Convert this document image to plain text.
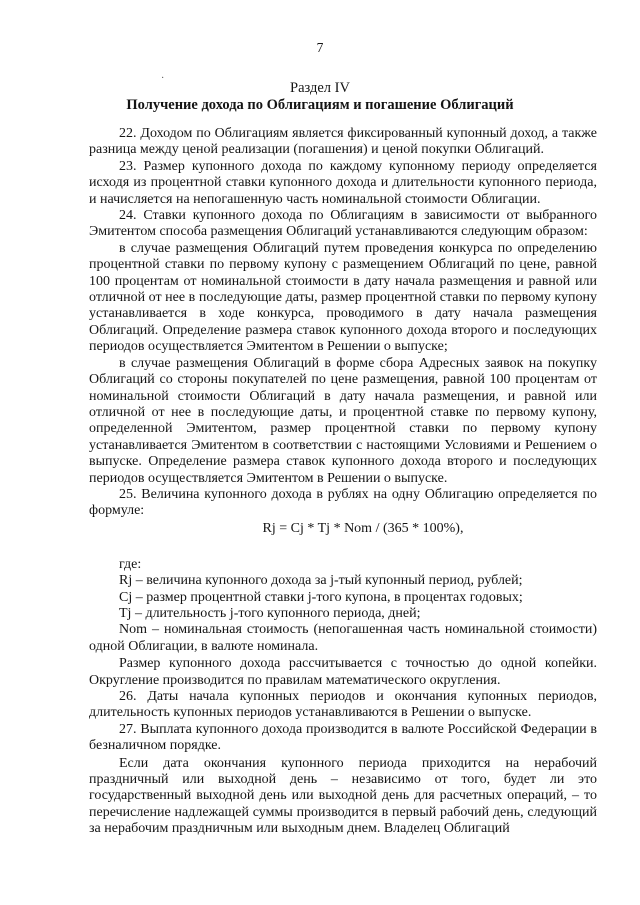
7
·
Раздел IV
Получение дохода по Облигациям и погашение Облигаций

22. Доходом по Облигациям является фиксированный купонный доход, а также разница между ценой реализации (погашения) и ценой покупки Облигаций.

23. Размер купонного дохода по каждому купонному периоду определяется исходя из процентной ставки купонного дохода и длительности купонного периода, и начисляется на непогашенную часть номинальной стоимости Облигации.

24. Ставки купонного дохода по Облигациям в зависимости от выбранного Эмитентом способа размещения Облигаций устанавливаются следующим образом:

в случае размещения Облигаций путем проведения конкурса по определению процентной ставки по первому купону с размещением Облигаций по цене, равной 100 процентам от номинальной стоимости в дату начала размещения и равной или отличной от нее в последующие даты, размер процентной ставки по первому купону устанавливается в ходе конкурса, проводимого в дату начала размещения Облигаций. Определение размера ставок купонного дохода второго и последующих периодов осуществляется Эмитентом в Решении о выпуске;

в случае размещения Облигаций в форме сбора Адресных заявок на покупку Облигаций со стороны покупателей по цене размещения, равной 100 процентам от номинальной стоимости Облигаций в дату начала размещения, и равной или отличной от нее в последующие даты, и процентной ставке по первому купону, определенной Эмитентом, размер процентной ставки по первому купону устанавливается Эмитентом в соответствии с настоящими Условиями и Решением о выпуске. Определение размера ставок купонного дохода второго и последующих периодов осуществляется Эмитентом в Решении о выпуске.

25. Величина купонного дохода в рублях на одну Облигацию определяется по формуле:

Rj = Cj * Tj * Nom / (365 * 100%),

где:

Rj – величина купонного дохода за j-тый купонный период, рублей;

Cj – размер процентной ставки j-того купона, в процентах годовых;

Tj – длительность j-того купонного периода, дней;

Nom – номинальная стоимость (непогашенная часть номинальной стоимости) одной Облигации, в валюте номинала.

Размер купонного дохода рассчитывается с точностью до одной копейки. Округление производится по правилам математического округления.

26. Даты начала купонных периодов и окончания купонных периодов, длительность купонных периодов устанавливаются в Решении о выпуске.

27. Выплата купонного дохода производится в валюте Российской Федерации в безналичном порядке.

Если дата окончания купонного периода приходится на нерабочий праздничный или выходной день – независимо от того, будет ли это государственный выходной день или выходной день для расчетных операций, – то перечисление надлежащей суммы производится в первый рабочий день, следующий за нерабочим праздничным или выходным днем. Владелец Облигаций
